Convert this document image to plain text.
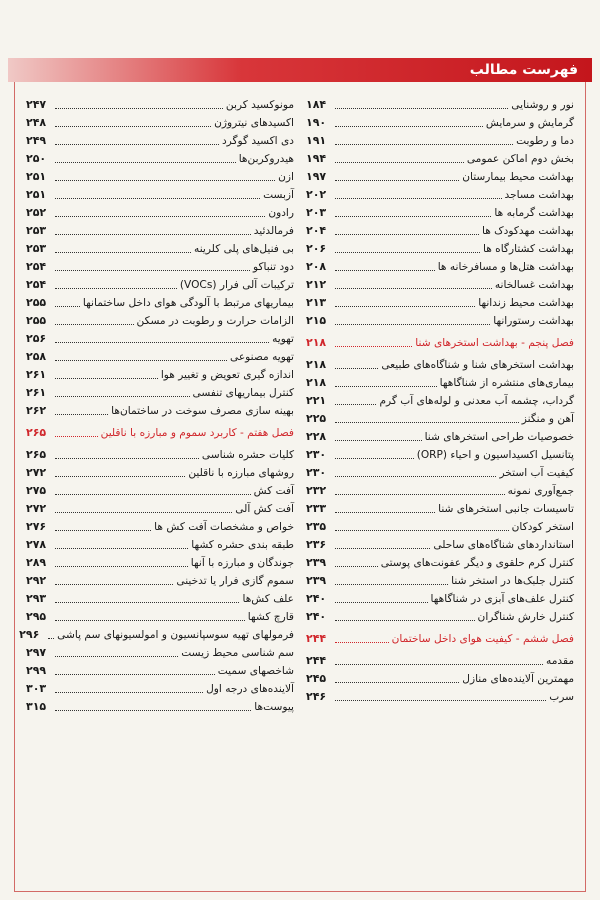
فهرست مطالب
نور و روشنایی
۱۸۴
گرمایش و سرمایش
۱۹۰
دما و رطوبت
۱۹۱
بخش دوم اماکن عمومی
۱۹۴
بهداشت محیط بیمارستان
۱۹۷
بهداشت مساجد
۲۰۲
بهداشت گرمابه ها
۲۰۳
بهداشت مهدکودک ها
۲۰۴
بهداشت کشتارگاه ها
۲۰۶
بهداشت هتل‌ها و مسافرخانه ها
۲۰۸
بهداشت غسالخانه
۲۱۲
بهداشت محیط زندانها
۲۱۳
بهداشت رستورانها
۲۱۵
فصل پنجم - بهداشت استخرهای شنا
۲۱۸
بهداشت استخرهای شنا و شناگاه‌های طبیعی
۲۱۸
بیماری‌های منتشره از شناگاهها
۲۱۸
گرداب، چشمه آب معدنی و لوله‌های آب گرم
۲۲۱
آهن و منگنز
۲۲۵
خصوصیات طراحی استخرهای شنا
۲۲۸
پتانسیل اکسیداسیون و احیاء (ORP)
۲۳۰
کیفیت آب استخر
۲۳۰
جمع‌آوری نمونه
۲۳۲
تاسیسات جانبی استخرهای شنا
۲۳۳
استخر کودکان
۲۳۵
استانداردهای شناگاه‌های ساحلی
۲۳۶
کنترل کرم حلقوی و دیگر عفونت‌های پوستی
۲۳۹
کنترل جلبک‌ها در استخر شنا
۲۳۹
کنترل علف‌های آبزی در شناگاهها
۲۴۰
کنترل خارش شناگران
۲۴۰
فصل ششم - کیفیت هوای داخل ساختمان
۲۴۴
مقدمه
۲۴۴
مهمترین آلاینده‌های منازل
۲۴۵
سرب
۲۴۶
مونوکسید کربن
۲۴۷
اکسیدهای نیتروژن
۲۴۸
دی اکسید گوگرد
۲۴۹
هیدروکربن‌ها
۲۵۰
ازن
۲۵۱
آزبست
۲۵۱
رادون
۲۵۲
فرمالدئید
۲۵۳
بی فنیل‌های پلی کلرینه
۲۵۳
دود تنباکو
۲۵۴
ترکیبات آلی فرار (VOCs)
۲۵۴
بیماریهای مرتبط با آلودگی هوای داخل ساختمانها
۲۵۵
الزامات حرارت و رطوبت در مسکن
۲۵۵
تهویه
۲۵۶
تهویه مصنوعی
۲۵۸
اندازه گیری تعویض و تغییر هوا
۲۶۱
کنترل بیماریهای تنفسی
۲۶۱
بهینه سازی مصرف سوخت در ساختمان‌ها
۲۶۲
فصل هفتم - کاربرد سموم و مبارزه با ناقلین
۲۶۵
کلیات حشره شناسی
۲۶۵
روشهای مبارزه با ناقلین
۲۷۲
آفت کش
۲۷۵
آفت کش آلی
۲۷۲
خواص و مشخصات آفت کش ها
۲۷۶
طبقه بندی حشره کشها
۲۷۸
جوندگان و مبارزه با آنها
۲۸۹
سموم گازی فرار یا تدخینی
۲۹۲
علف کش‌ها
۲۹۳
قارچ کشها
۲۹۵
فرمولهای تهیه سوسپانسیون و امولسیونهای سم پاشی
۲۹۶
سم شناسی محیط زیست
۲۹۷
شاخصهای سمیت
۲۹۹
آلاینده‌های درجه اول
۳۰۳
پیوست‌ها
۳۱۵
